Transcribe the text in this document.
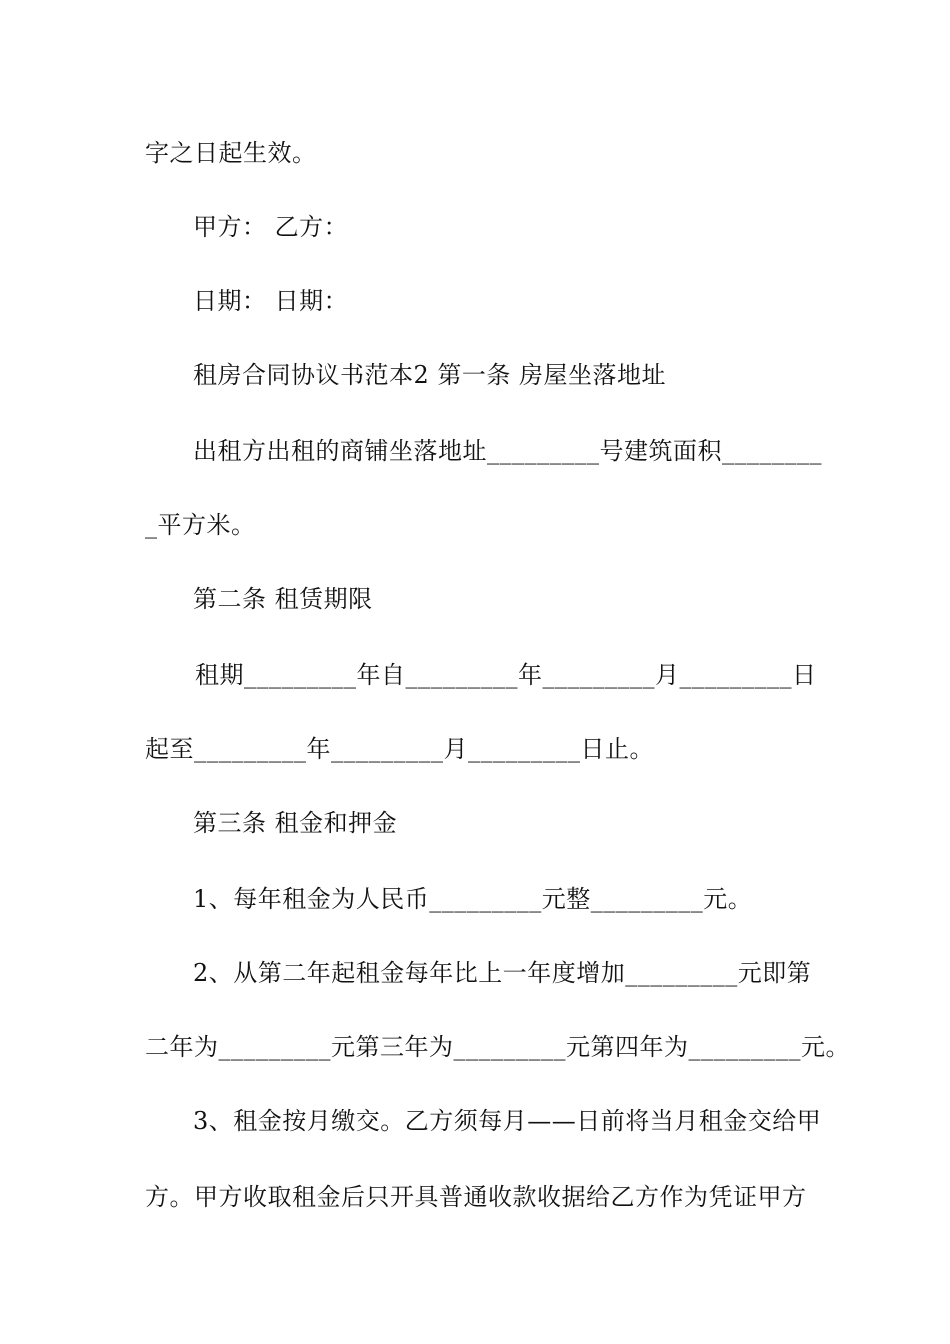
字之日起生效。
甲方： 乙方：
日期： 日期：
租房合同协议书范本2 第一条 房屋坐落地址
出租方出租的商铺坐落地址_________号建筑面积________
_平方米。
第二条 租赁期限
租期_________年自_________年_________月_________日
起至_________年_________月_________日止。
第三条 租金和押金
1、每年租金为人民币_________元整_________元。
2、从第二年起租金每年比上一年度增加_________元即第
二年为_________元第三年为_________元第四年为_________元。
3、租金按月缴交。乙方须每月——日前将当月租金交给甲
方。甲方收取租金后只开具普通收款收据给乙方作为凭证甲方
